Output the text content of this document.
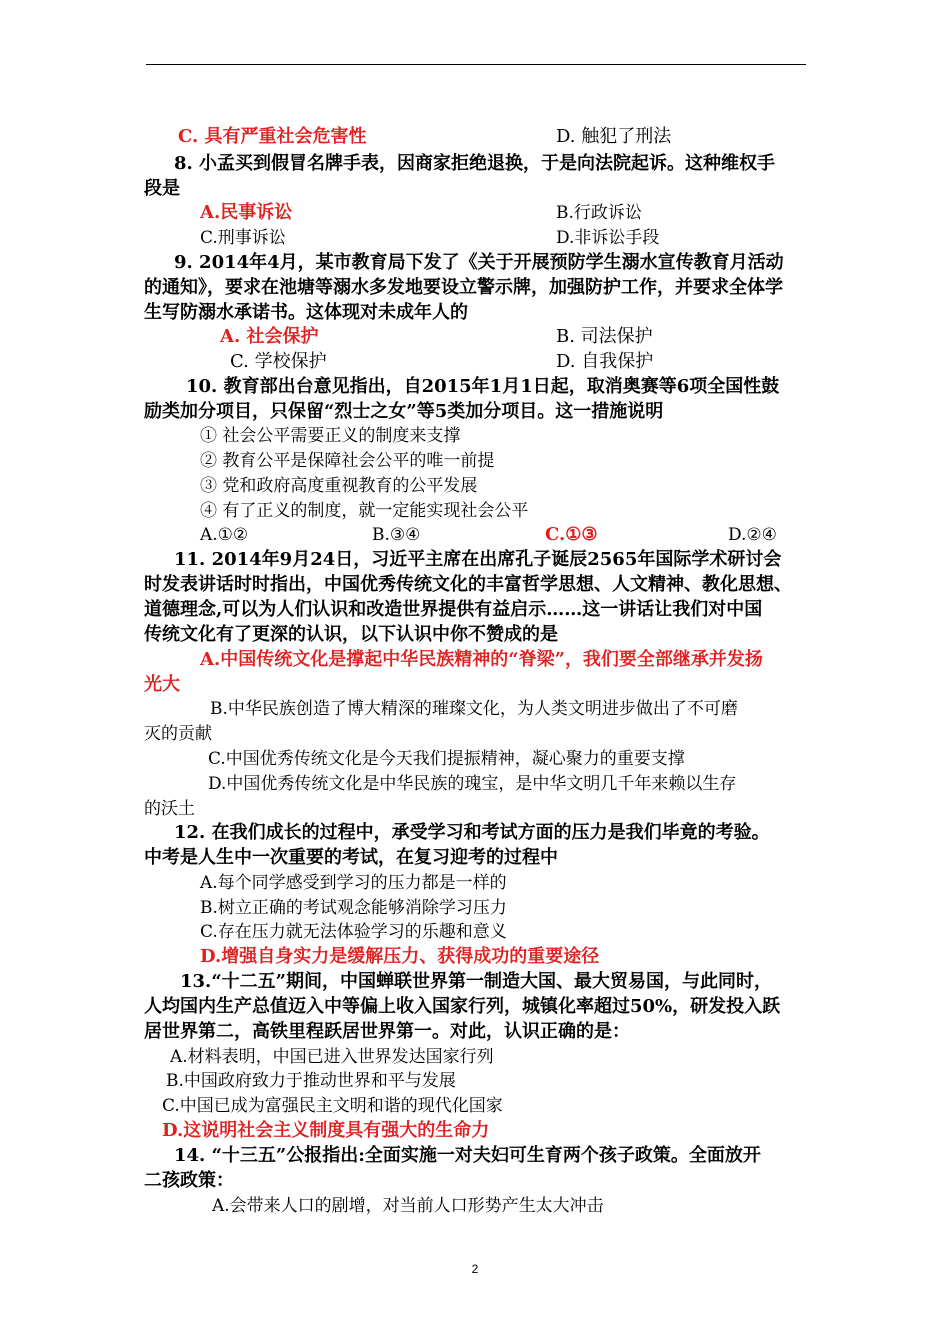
C. 具有严重社会危害性	D. 触犯了刑法
8. 小孟买到假冒名牌手表，因商家拒绝退换，于是向法院起诉。这种维权手
段是
A.民事诉讼	B.行政诉讼
C.刑事诉讼	D.非诉讼手段
9. 2014年4月，某市教育局下发了《关于开展预防学生溺水宣传教育月活动
的通知》，要求在池塘等溺水多发地要设立警示牌，加强防护工作，并要求全体学
生写防溺水承诺书。这体现对未成年人的
A. 社会保护	B. 司法保护
C. 学校保护	D. 自我保护
10. 教育部出台意见指出，自2015年1月1日起，取消奥赛等6项全国性鼓
励类加分项目，只保留“烈士之女”等5类加分项目。这一措施说明
① 社会公平需要正义的制度来支撑
② 教育公平是保障社会公平的唯一前提
③ 党和政府高度重视教育的公平发展
④ 有了正义的制度，就一定能实现社会公平
A.①②	B.③④	C.①③	D.②④
11. 2014年9月24日，习近平主席在出席孔子诞辰2565年国际学术研讨会
时发表讲话时时指出，中国优秀传统文化的丰富哲学思想、人文精神、教化思想、
道德理念,可以为人们认识和改造世界提供有益启示……这一讲话让我们对中国
传统文化有了更深的认识，以下认识中你不赞成的是
A.中国传统文化是撑起中华民族精神的“脊梁”，我们要全部继承并发扬
光大
B.中华民族创造了博大精深的璀璨文化，为人类文明进步做出了不可磨
灭的贡献
C.中国优秀传统文化是今天我们提振精神，凝心聚力的重要支撑
D.中国优秀传统文化是中华民族的瑰宝，是中华文明几千年来赖以生存
的沃土
12. 在我们成长的过程中，承受学习和考试方面的压力是我们毕竟的考验。
中考是人生中一次重要的考试，在复习迎考的过程中
A.每个同学感受到学习的压力都是一样的
B.树立正确的考试观念能够消除学习压力
C.存在压力就无法体验学习的乐趣和意义
D.增强自身实力是缓解压力、获得成功的重要途径
13.“十二五”期间，中国蝉联世界第一制造大国、最大贸易国，与此同时，
人均国内生产总值迈入中等偏上收入国家行列，城镇化率超过50%，研发投入跃
居世界第二，高铁里程跃居世界第一。对此，认识正确的是：
A.材料表明，中国已进入世界发达国家行列
B.中国政府致力于推动世界和平与发展
C.中国已成为富强民主文明和谐的现代化国家
D.这说明社会主义制度具有强大的生命力
14. “十三五”公报指出:全面实施一对夫妇可生育两个孩子政策。全面放开
二孩政策：
A.会带来人口的剧增，对当前人口形势产生太大冲击
2
